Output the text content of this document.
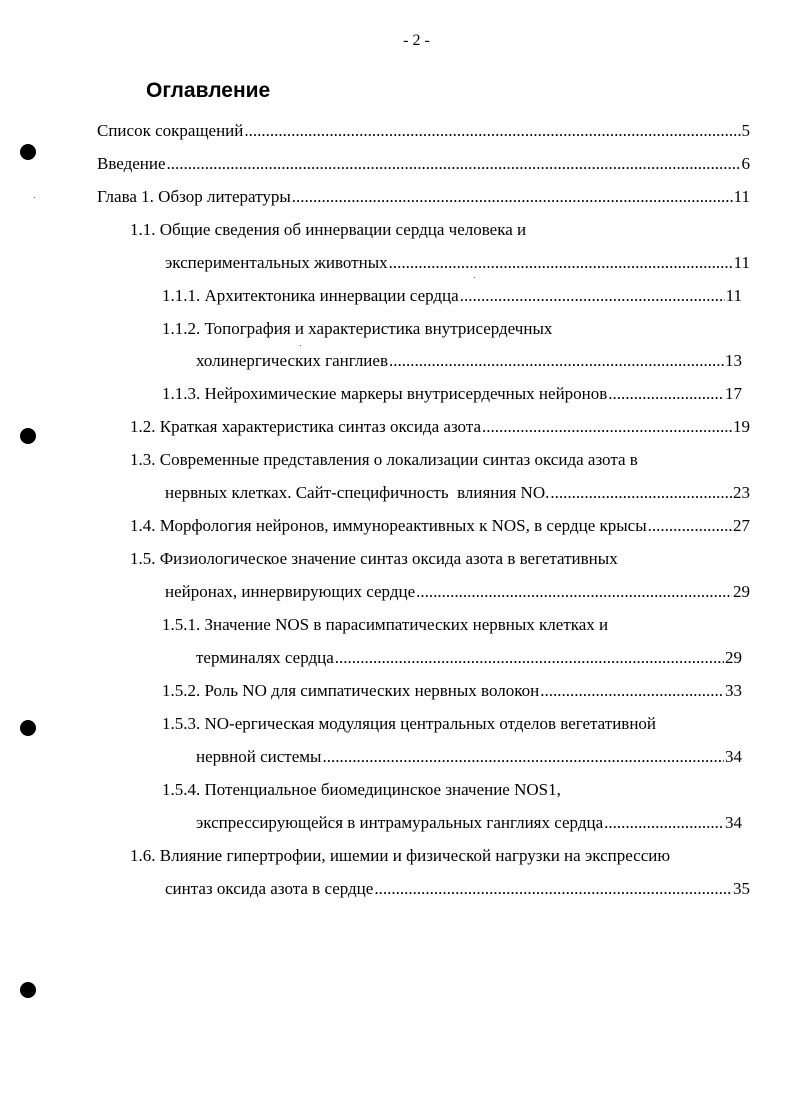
- 2 -
Оглавление
Список сокращений .....	5
Введение .....	6
Глава 1. Обзор литературы .....	11
1.1. Общие сведения об иннервации сердца человека и
экспериментальных животных .....	11
1.1.1. Архитектоника иннервации сердца .....	11
1.1.2. Топография и характеристика внутрисердечных
холинергических ганглиев .....	13
1.1.3. Нейрохимические маркеры внутрисердечных нейронов .....	17
1.2. Краткая характеристика синтаз оксида азота .....	19
1.3. Современные представления о локализации синтаз оксида азота в
нервных клетках. Сайт-специфичность  влияния NO. .....	23
1.4. Морфология нейронов, иммунореактивных к NOS, в сердце крысы .....	27
1.5. Физиологическое значение синтаз оксида азота в вегетативных
нейронах, иннервирующих сердце .....	29
1.5.1. Значение NOS в парасимпатических нервных клетках и
терминалях сердца .....	29
1.5.2. Роль NO для симпатических нервных волокон .....	33
1.5.3. NO-ергическая модуляция центральных отделов вегетативной
нервной системы .....	34
1.5.4. Потенциальное биомедицинское значение NOS1,
экспрессирующейся в интрамуральных ганглиях сердца .....	34
1.6. Влияние гипертрофии, ишемии и физической нагрузки на экспрессию
синтаз оксида азота в сердце .....	35
